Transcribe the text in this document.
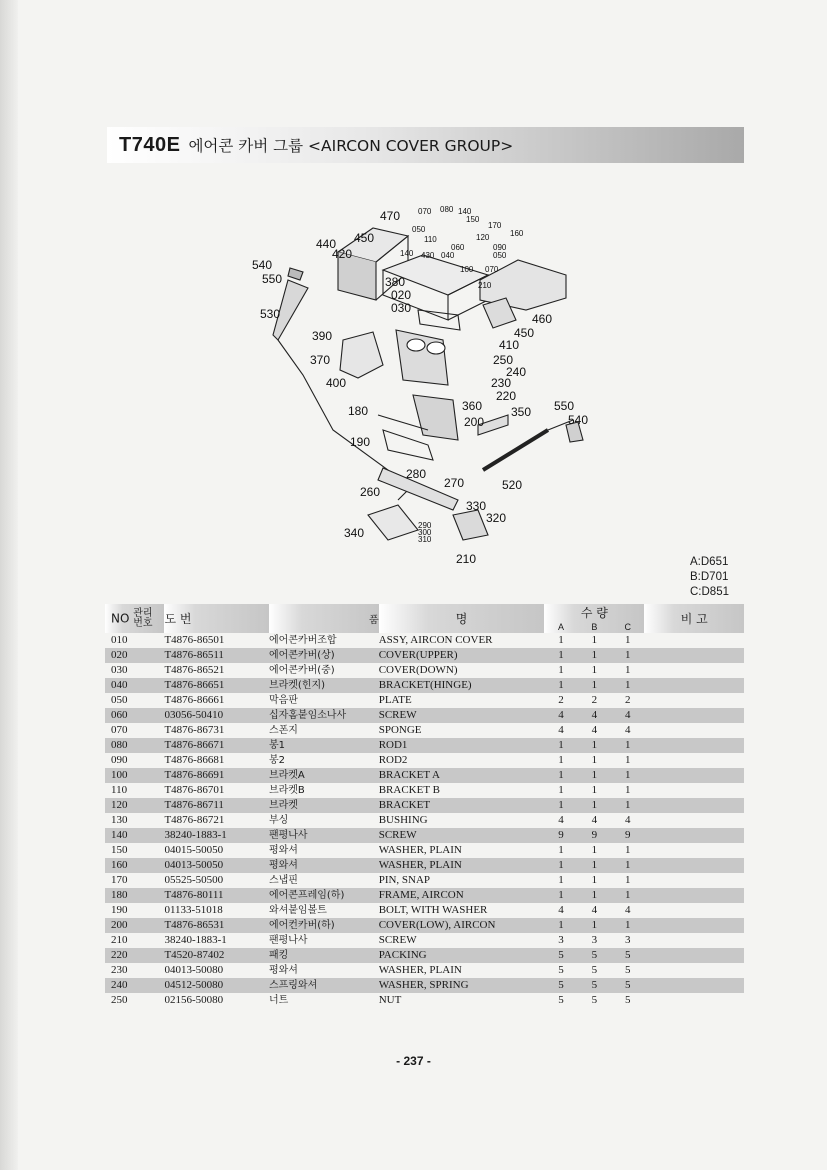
T740E 에어콘 카버 그룹 <AIRCON COVER GROUP>
470 070 080 140
150
170
160
050
110	120
090
060
450
440
420	140 430 040	050
100 070
540
550	380	210
020
030
460
530
450
410
390
370	250
240
230
400
220
550
360 350
540
180
200
190
280
520
270
260
330
320
290
300
310
340
210	A:D651
B:D701
C:D851
NO 관리
번호	도 번	품	명	수 량
A B C			비 고
010	T4876-86501	에어콘카버조합	ASSY, AIRCON COVER	1	1	1	
020	T4876-86511	에어콘카버(상)	COVER(UPPER)	1	1	1	
030	T4876-86521	에어콘카버(중)	COVER(DOWN)	1	1	1	
040	T4876-86651	브라켓(힌지)	BRACKET(HINGE)	1	1	1	
050	T4876-86661	막음판	PLATE	2	2	2	
060	03056-50410	십자홈붙임소나사	SCREW	4	4	4	
070	T4876-86731	스폰지	SPONGE	4	4	4	
080	T4876-86671	봉1	ROD1	1	1	1	
090	T4876-86681	봉2	ROD2	1	1	1	
100	T4876-86691	브라켓A	BRACKET A	1	1	1	
110	T4876-86701	브라켓B	BRACKET B	1	1	1	
120	T4876-86711	브라켓	BRACKET	1	1	1	
130	T4876-86721	부싱	BUSHING	4	4	4	
140	38240-1883-1	팬평나사	SCREW	9	9	9	
150	04015-50050	평와셔	WASHER, PLAIN	1	1	1	
160	04013-50050	평와셔	WASHER, PLAIN	1	1	1	
170	05525-50500	스냅핀	PIN, SNAP	1	1	1	
180	T4876-80111	에어콘프레임(하)	FRAME, AIRCON	1	1	1	
190	01133-51018	와셔붙임볼트	BOLT, WITH WASHER	4	4	4	
200	T4876-86531	에어컨카버(하)	COVER(LOW), AIRCON	1	1	1	
210	38240-1883-1	팬평나사	SCREW	3	3	3	
220	T4520-87402	패킹	PACKING	5	5	5	
230	04013-50080	평와셔	WASHER, PLAIN	5	5	5	
240	04512-50080	스프링와셔	WASHER, SPRING	5	5	5	
250	02156-50080	너트	NUT	5	5	5	
- 237 -
